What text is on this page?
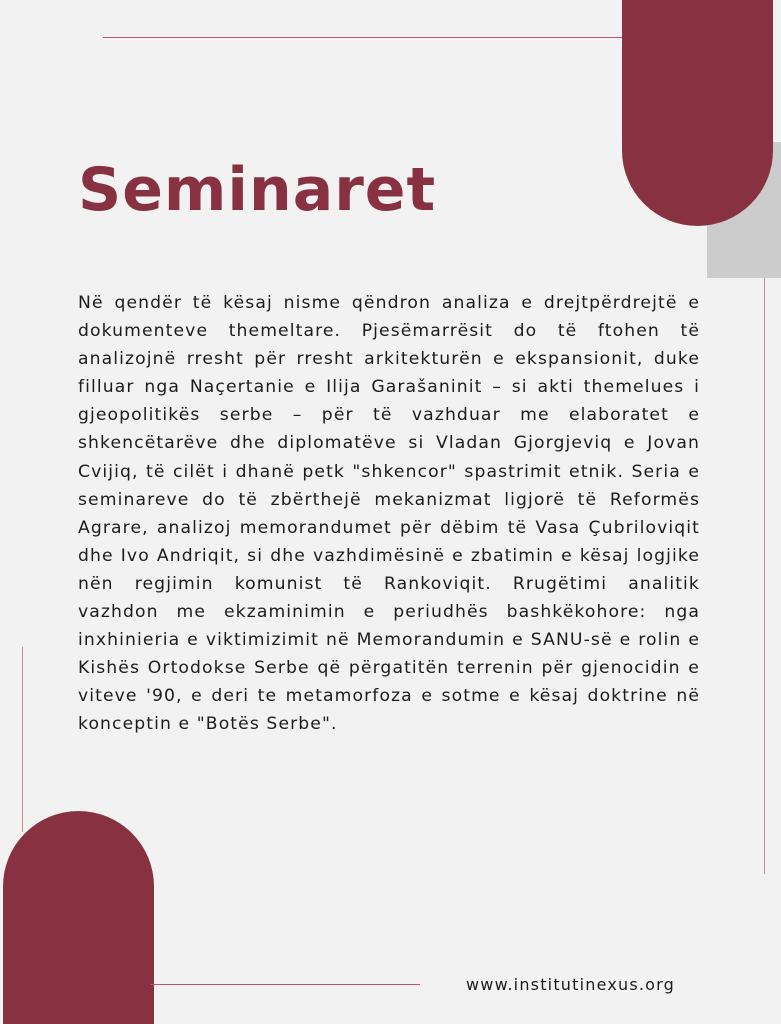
Seminaret

Në qendër të kësaj nisme qëndron analiza e drejtpërdrejtë e dokumenteve themeltare. Pjesëmarrësit do të ftohen të analizojnë rresht për rresht arkitekturën e ekspansionit, duke filluar nga Naçertanie e Ilija Garašaninit – si akti themelues i gjeopolitikës serbe – për të vazhduar me elaboratet e shkencëtarëve dhe diplomatëve si Vladan Gjorgjeviq e Jovan Cvijiq, të cilët i dhanë petk "shkencor" spastrimit etnik. Seria e seminareve do të zbërthejë mekanizmat ligjorë të Reformës Agrare, analizoj memorandumet për dëbim të Vasa Çubriloviqit dhe Ivo Andriqit, si dhe vazhdimësinë e zbatimin e kësaj logjike nën regjimin komunist të Rankoviqit. Rrugëtimi analitik vazhdon me ekzaminimin e periudhës bashkëkohore: nga inxhinieria e viktimizimit në Memorandumin e SANU-së e rolin e Kishës Ortodokse Serbe që përgatitën terrenin për gjenocidin e viteve '90, e deri te metamorfoza e sotme e kësaj doktrine në konceptin e "Botës Serbe".

www.institutinexus.org
